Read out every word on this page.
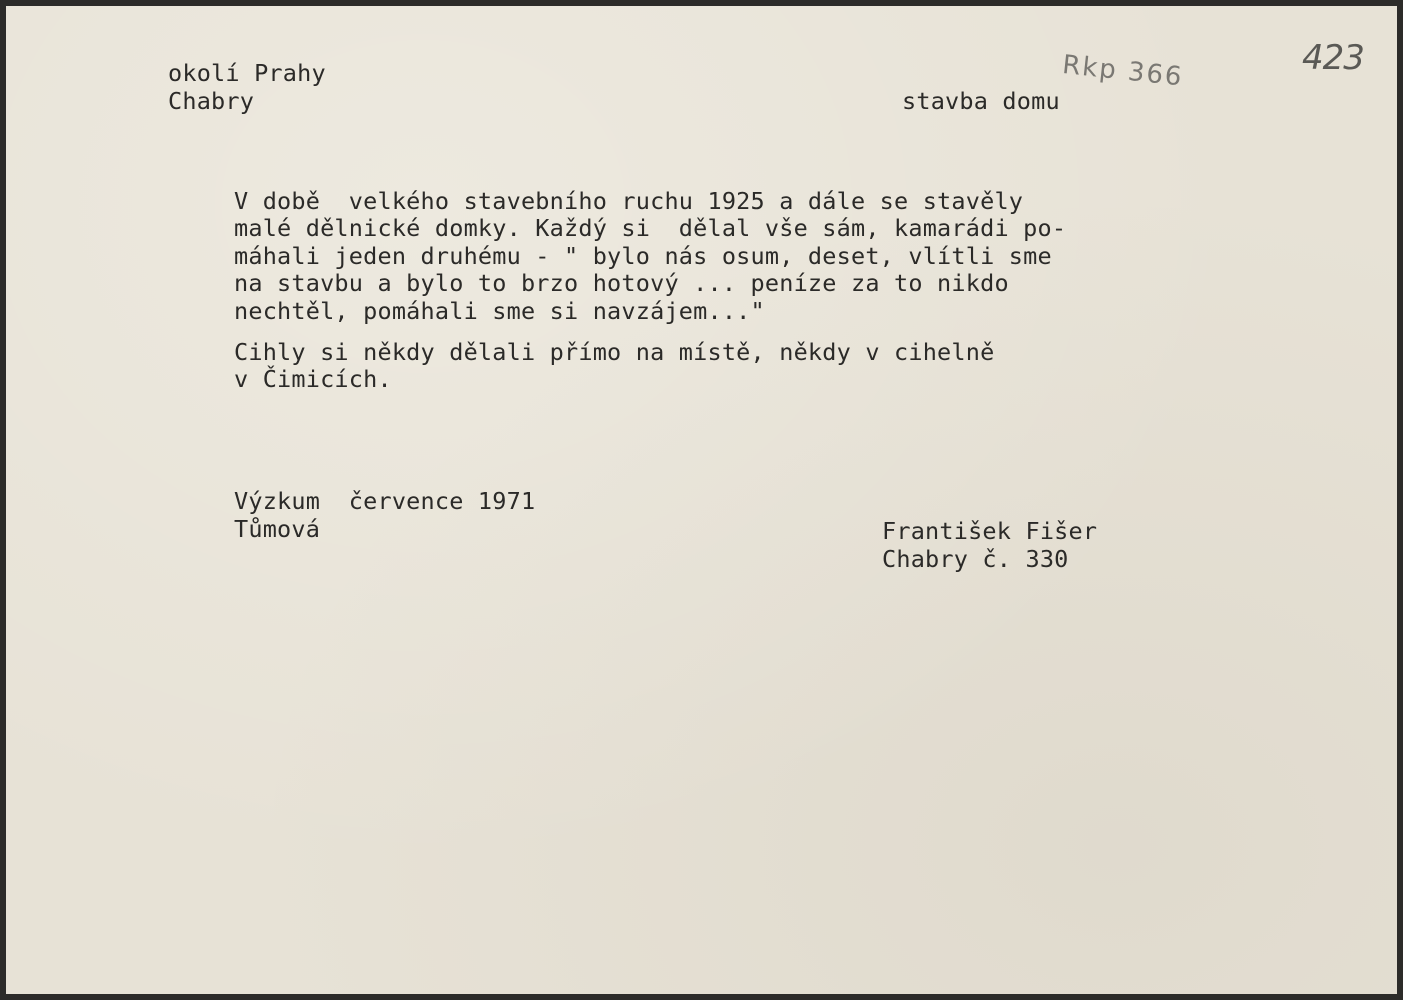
okolí Prahy
Chabry	stavba domu
Rkp 366	423
V době  velkého stavebního ruchu 1925 a dále se stavěly
malé dělnické domky. Každý si  dělal vše sám, kamarádi po-
máhali jeden druhému - " bylo nás osum, deset, vlítli sme
na stavbu a bylo to brzo hotový ... peníze za to nikdo
nechtěl, pomáhali sme si navzájem..."
Cihly si někdy dělali přímo na místě, někdy v cihelně
v Čimicích.
Výzkum  července 1971
Tůmová	František Fišer
Chabry č. 330
